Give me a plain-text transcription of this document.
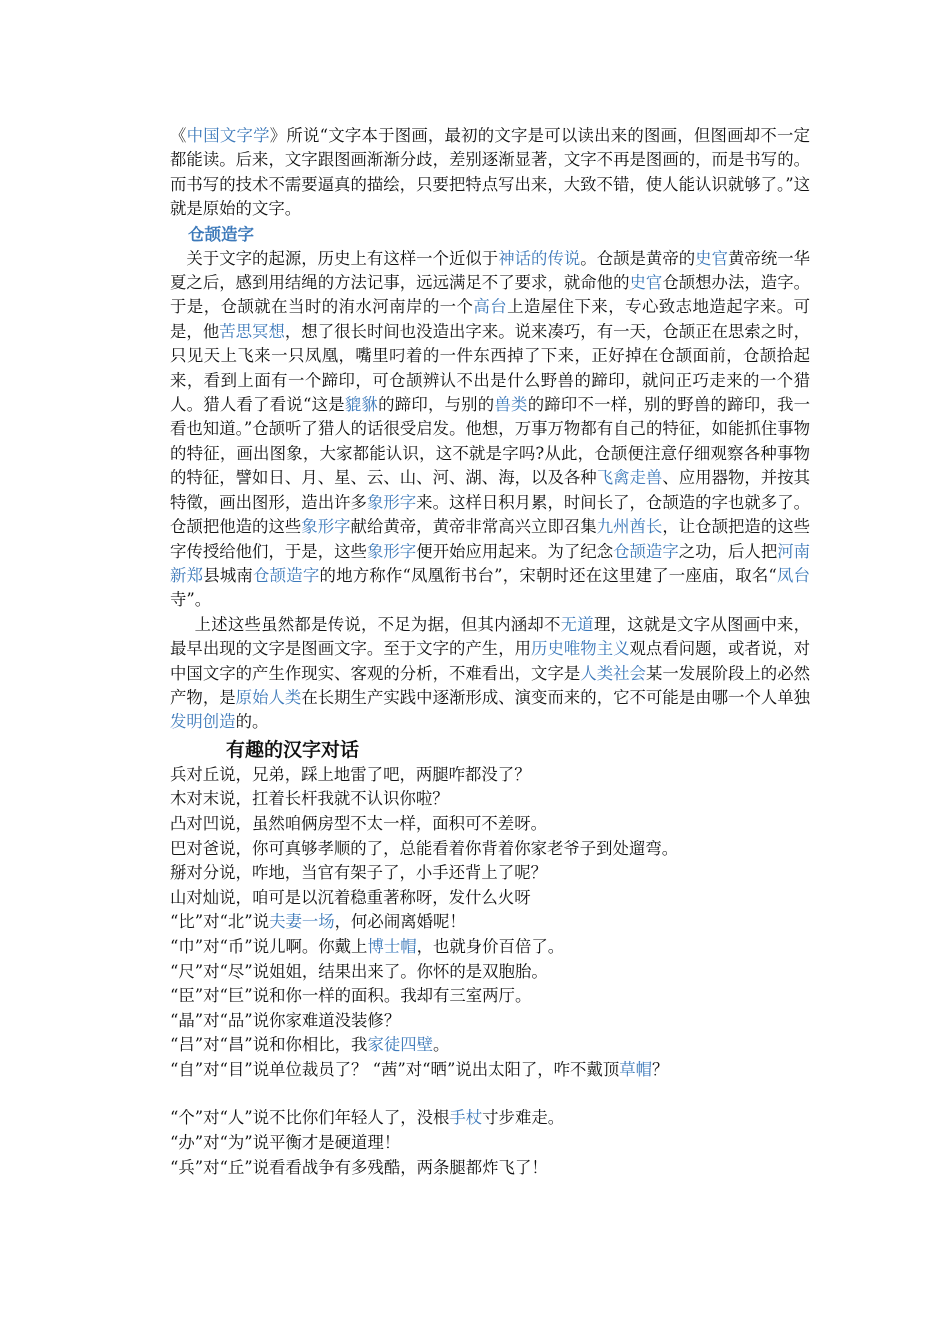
《中国文字学》所说“文字本于图画，最初的文字是可以读出来的图画，但图画却不一定都能读。后来，文字跟图画渐渐分歧，差别逐渐显著，文字不再是图画的，而是书写的。而书写的技术不需要逼真的描绘，只要把特点写出来，大致不错，使人能认识就够了。”这就是原始的文字。

仓颉造字

关于文字的起源，历史上有这样一个近似于神话的传说。仓颉是黄帝的史官黄帝统一华夏之后，感到用结绳的方法记事，远远满足不了要求，就命他的史官仓颉想办法，造字。于是，仓颉就在当时的洧水河南岸的一个高台上造屋住下来，专心致志地造起字来。可是，他苦思冥想，想了很长时间也没造出字来。说来凑巧，有一天，仓颉正在思索之时，只见天上飞来一只凤凰，嘴里叼着的一件东西掉了下来，正好掉在仓颉面前，仓颉拾起来，看到上面有一个蹄印，可仓颉辨认不出是什么野兽的蹄印，就问正巧走来的一个猎人。猎人看了看说“这是貔貅的蹄印，与别的兽类的蹄印不一样，别的野兽的蹄印，我一看也知道。”仓颉听了猎人的话很受启发。他想，万事万物都有自己的特征，如能抓住事物的特征，画出图象，大家都能认识，这不就是字吗?从此，仓颉便注意仔细观察各种事物的特征，譬如日、月、星、云、山、河、湖、海，以及各种飞禽走兽、应用器物，并按其特徵，画出图形，造出许多象形字来。这样日积月累，时间长了，仓颉造的字也就多了。仓颉把他造的这些象形字献给黄帝，黄帝非常高兴立即召集九州酋长，让仓颉把造的这些字传授给他们，于是，这些象形字便开始应用起来。为了纪念仓颉造字之功，后人把河南新郑县城南仓颉造字的地方称作“凤凰衔书台”，宋朝时还在这里建了一座庙，取名“凤台寺”。

上述这些虽然都是传说，不足为据，但其内涵却不无道理，这就是文字从图画中来，最早出现的文字是图画文字。至于文字的产生，用历史唯物主义观点看问题，或者说，对中国文字的产生作现实、客观的分析，不难看出，文字是人类社会某一发展阶段上的必然产物，是原始人类在长期生产实践中逐渐形成、演变而来的，它不可能是由哪一个人单独发明创造的。

有趣的汉字对话
兵对丘说，兄弟，踩上地雷了吧，两腿咋都没了？
木对末说，扛着长杆我就不认识你啦？
凸对凹说，虽然咱俩房型不太一样，面积可不差呀。
巴对爸说，你可真够孝顺的了，总能看着你背着你家老爷子到处遛弯。
掰对分说，咋地，当官有架子了，小手还背上了呢？
山对灿说，咱可是以沉着稳重著称呀，发什么火呀
“比”对“北”说夫妻一场，何必闹离婚呢！
“巾”对“币”说儿啊。你戴上博士帽，也就身价百倍了。
“尺”对“尽”说姐姐，结果出来了。你怀的是双胞胎。
“臣”对“巨”说和你一样的面积。我却有三室两厅。
“晶”对“品”说你家难道没装修？
“吕”对“昌”说和你相比，我家徒四壁。
“自”对“目”说单位裁员了？ “茜”对“晒”说出太阳了，咋不戴顶草帽？
“个”对“人”说不比你们年轻人了，没根手杖寸步难走。
“办”对“为”说平衡才是硬道理！
“兵”对“丘”说看看战争有多残酷，两条腿都炸飞了！
